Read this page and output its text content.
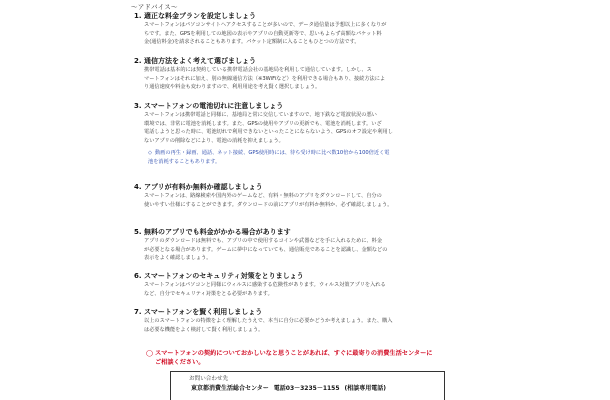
～アドバイス～
1. 適正な料金プランを設定しましょう
スマートフォンはパソコンサイトへアクセスすることが多いので、データ通信量は予想以上に多くなりが
ちです。また、GPSを利用しての地図の表示やアプリの自動更新等で、思いもよらず高額なパケット料
金(通信料金)を請求されることもあります。パケット定額制に入ることもひとつの方法です。
2. 通信方法をよく考えて選びましょう
携帯電話は基本的には契約している携帯電話会社の基地局を利用して通信しています。しかし、ス
マートフォンはそれに加え、別の無線通信方法（※3WiFiなど）を利用できる場合もあり、接続方法によ
り通信速度や料金も変わりますので、利用用途を考え賢く選択しましょう。
3. スマートフォンの電池切れに注意しましょう
スマートフォンは携帯電話と同様に、基地局と常に交信していますので、地下鉄など電波状況の悪い
環境では、非常に電池を消耗します。また、GPSの使用やアプリの更新でも、電池を消耗します。いざ
電話しようと思った時に、電池切れで利用できないといったことにならないよう、GPSのオフ設定や利用し
ないアプリの削除などにより、電池の消耗を抑えましょう。
◇ 動画の再生・録画、通話、ネット接続、GPS使用時には、待ち受け時に比べ数10倍から100倍近く電
池を消耗することもあります。
4. アプリが有料か無料か確認しましょう
スマートフォンは、路線検索や国内外のゲームなど、有料・無料のアプリをダウンロードして、自分の
使いやすい仕様にすることができます。ダウンロードの前にアプリが有料か無料か、必ず確認しましょう。
5. 無料のアプリでも料金がかかる場合があります
アプリのダウンロードは無料でも、アプリの中で使用するコインや武器などを手に入れるために、料金
が必要となる場合があります。ゲームに夢中になっていても、通信販売であることを認識し、金額などの
表示をよく確認しましょう。
6. スマートフォンのセキュリティ対策をとりましょう
スマートフォンはパソコンと同様にウィルスに感染する危険性があります。ウィルス対策アプリを入れる
など、自分でセキュリティ対策をとる必要があります。
7. スマートフォンを賢く利用しましょう
以上のスマートフォンの特徴をよく理解したうえで、本当に自分に必要かどうか考えましょう。また、購入
は必要な機能をよく検討して賢く利用しましょう。
◯ スマートフォンの契約についておかしいなと思うことがあれば、すぐに最寄りの消費生活センターに
ご相談ください。
お問い合わせ先
東京都消費生活総合センター 電話03－3235－1155 (相談専用電話)
